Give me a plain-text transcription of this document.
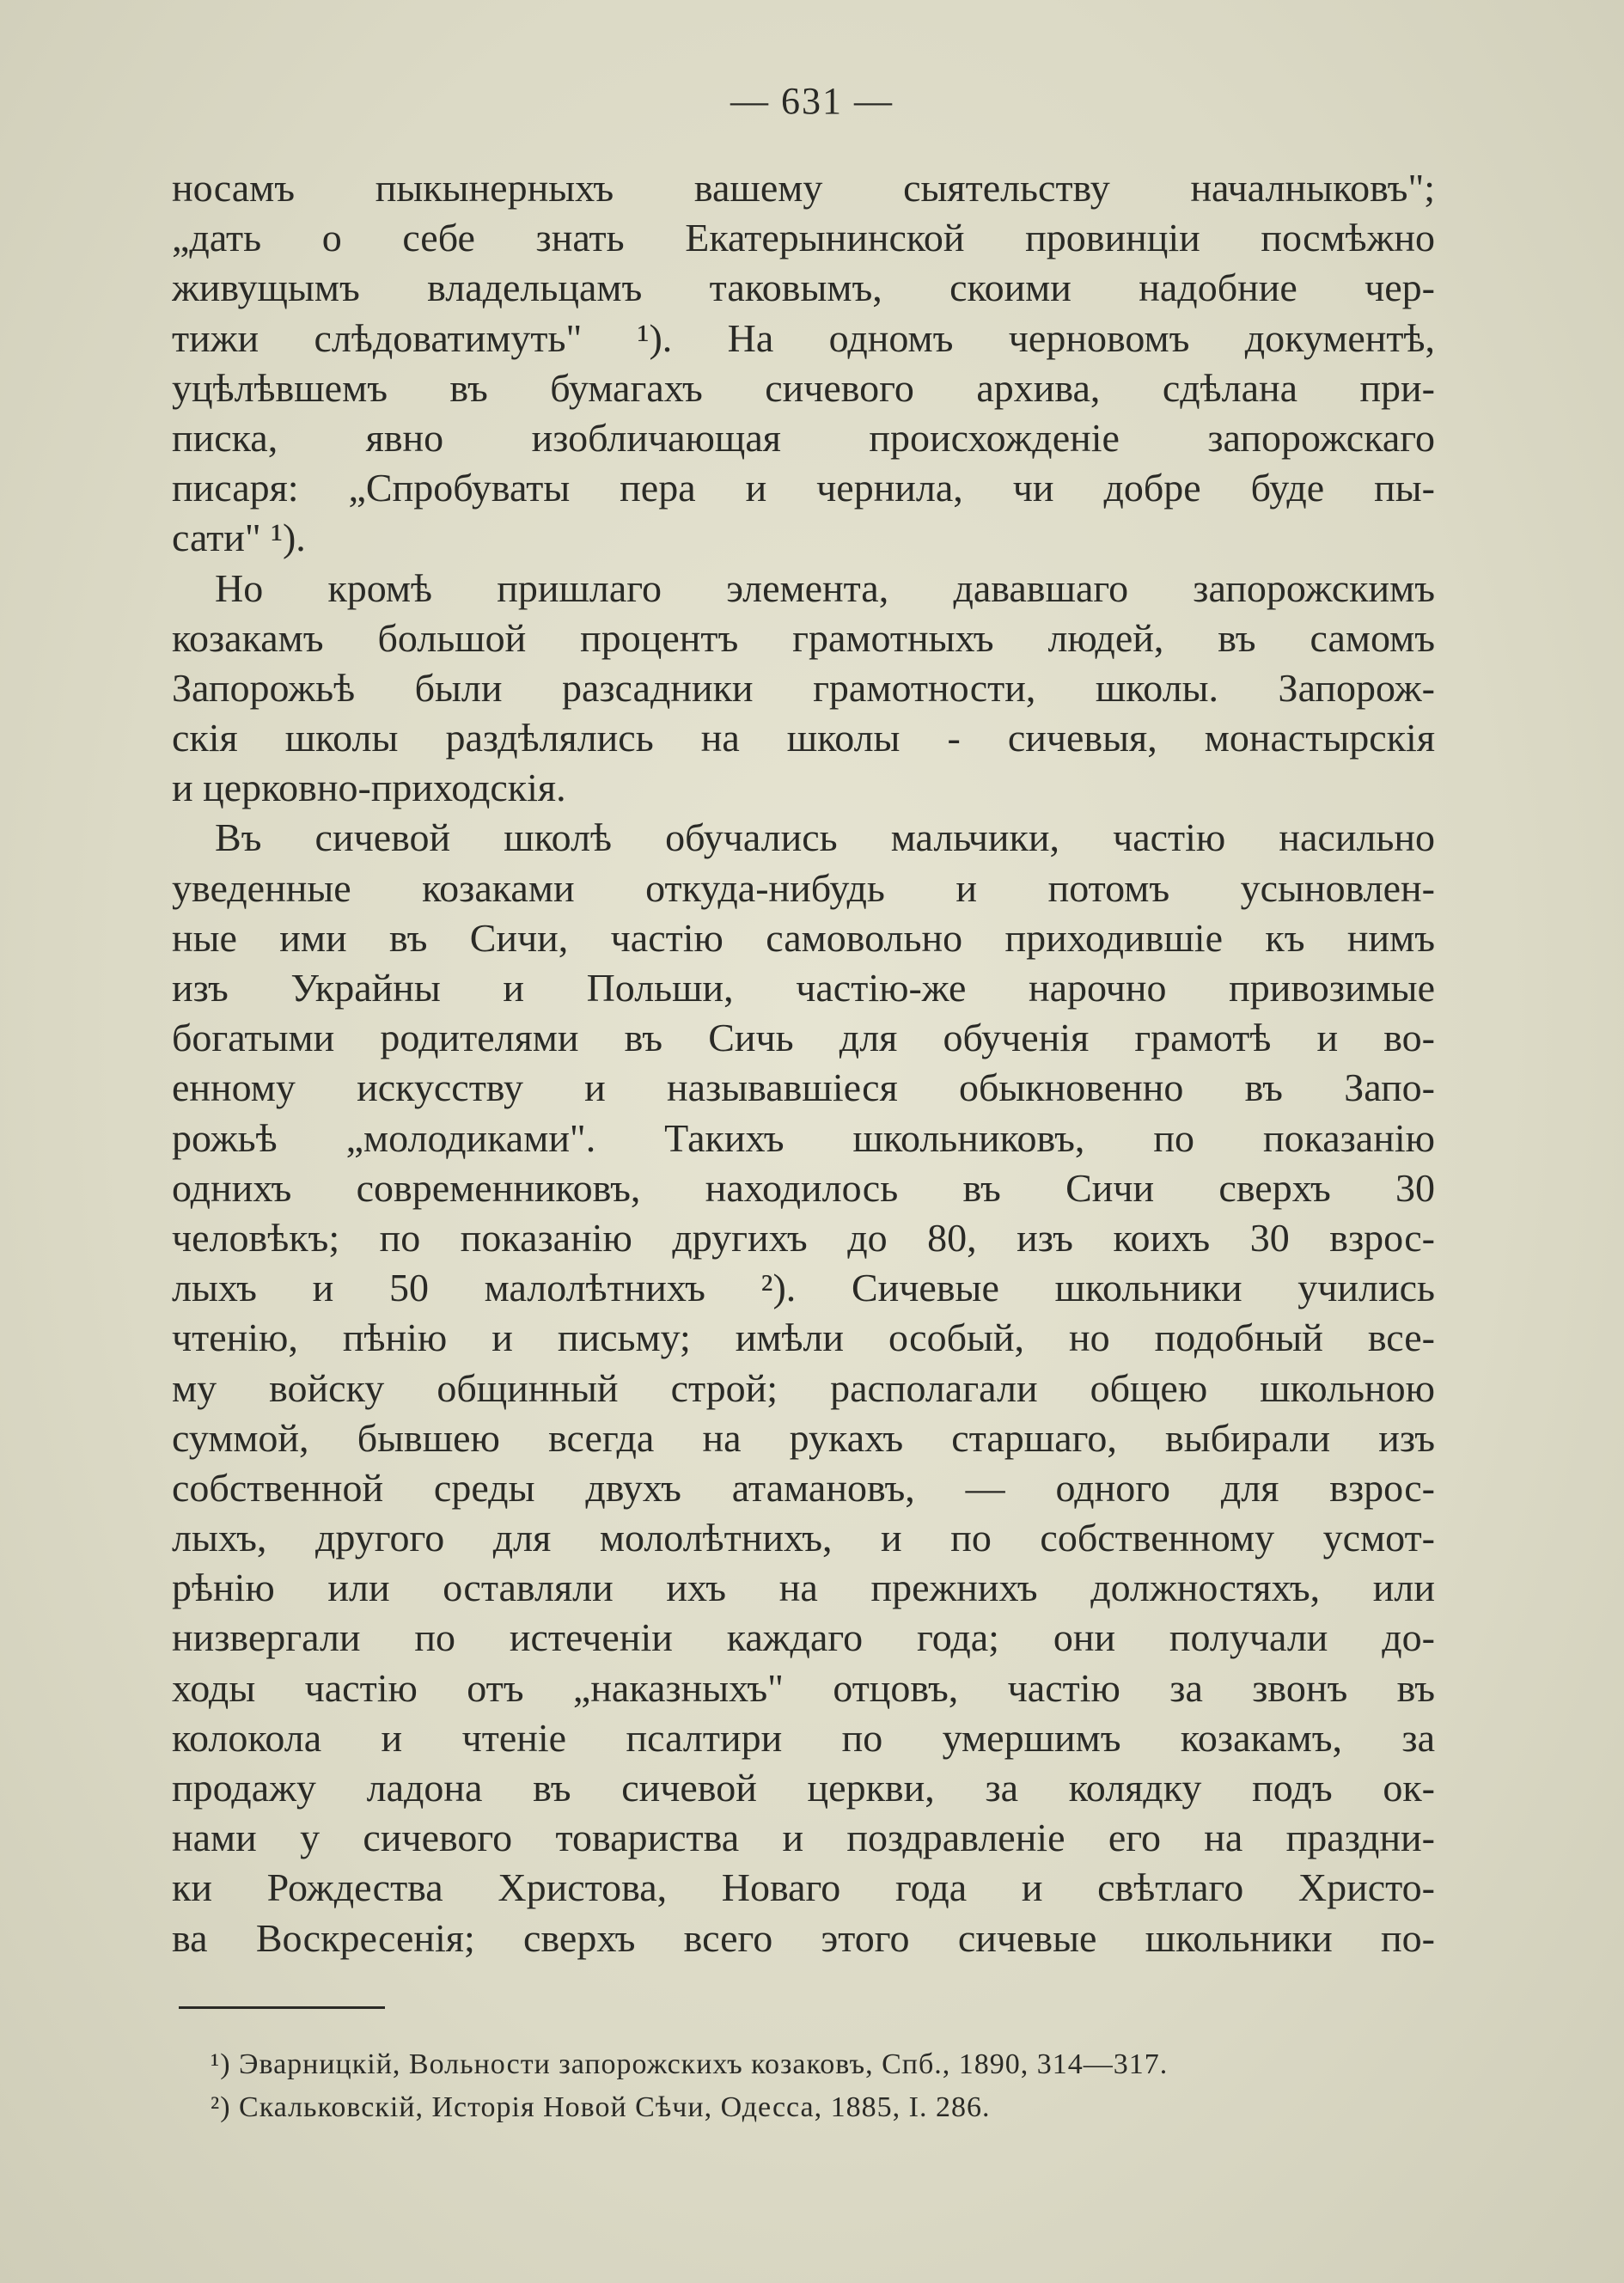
— 631 —
носамъ пыкынерныхъ вашему сыятельству началныковъ";
„дать о себе знать Екатерынинской провинціи посмѣжно
живущымъ владельцамъ таковымъ, скоими надобние чер-
тижи слѣдоватимуть" ¹). На одномъ черновомъ документѣ,
уцѣлѣвшемъ въ бумагахъ сичевого архива, сдѣлана при-
писка, явно изобличающая происхожденіе запорожскаго
писаря: „Спробуваты пера и чернила, чи добре буде пы-
сати" ¹).
Но кромѣ пришлаго элемента, дававшаго запорожскимъ
козакамъ большой процентъ грамотныхъ людей, въ самомъ
Запорожьѣ были разсадники грамотности, школы. Запорож-
скія школы раздѣлялись на школы - сичевыя, монастырскія
и церковно-приходскія.
Въ сичевой школѣ обучались мальчики, частію насильно
уведенные козаками откуда-нибудь и потомъ усыновлен-
ные ими въ Сичи, частію самовольно приходившіе къ нимъ
изъ Украйны и Польши, частію-же нарочно привозимые
богатыми родителями въ Сичь для обученія грамотѣ и во-
енному искусству и называвшіеся обыкновенно въ Запо-
рожьѣ „молодиками". Такихъ школьниковъ, по показанію
однихъ современниковъ, находилось въ Сичи сверхъ 30
человѣкъ; по показанію другихъ до 80, изъ коихъ 30 взрос-
лыхъ и 50 малолѣтнихъ ²). Сичевые школьники учились
чтенію, пѣнію и письму; имѣли особый, но подобный все-
му войску общинный строй; располагали общею школьною
суммой, бывшею всегда на рукахъ старшаго, выбирали изъ
собственной среды двухъ атамановъ, — одного для взрос-
лыхъ, другого для мололѣтнихъ, и по собственному усмот-
рѣнію или оставляли ихъ на прежнихъ должностяхъ, или
низвергали по истеченіи каждаго года; они получали до-
ходы частію отъ „наказныхъ" отцовъ, частію за звонъ въ
колокола и чтеніе псалтири по умершимъ козакамъ, за
продажу ладона въ сичевой церкви, за колядку подъ ок-
нами у сичевого товариства и поздравленіе его на праздни-
ки Рождества Христова, Новаго года и свѣтлаго Христо-
ва Воскресенія; сверхъ всего этого сичевые школьники по-
¹) Эварницкій, Вольности запорожскихъ козаковъ, Спб., 1890, 314—317.
²) Скальковскій, Исторія Новой Сѣчи, Одесса, 1885, I. 286.
